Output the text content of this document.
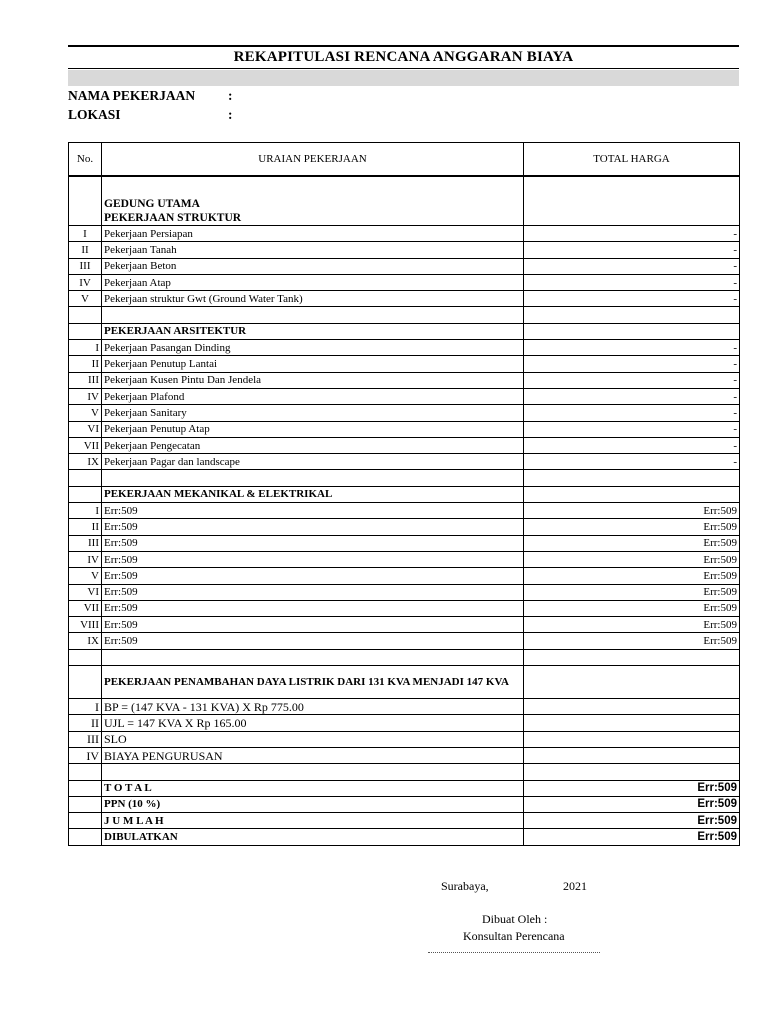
REKAPITULASI RENCANA ANGGARAN BIAYA
NAMA PEKERJAAN :
LOKASI	:
No.	URAIAN PEKERJAAN	TOTAL HARGA

	GEDUNG UTAMA
PEKERJAAN STRUKTUR	

I	Pekerjaan Persiapan	-
II	Pekerjaan Tanah	-
III	Pekerjaan Beton	-
IV	Pekerjaan Atap	-
V	Pekerjaan struktur Gwt (Ground Water Tank)	-

	PEKERJAAN ARSITEKTUR	
I	Pekerjaan Pasangan Dinding	-
II	Pekerjaan Penutup Lantai	-
III	Pekerjaan Kusen Pintu Dan Jendela	-
IV	Pekerjaan Plafond	-
V	Pekerjaan Sanitary	-
VI	Pekerjaan Penutup Atap	-
VII	Pekerjaan Pengecatan	-
IX	Pekerjaan Pagar dan landscape	-

	PEKERJAAN MEKANIKAL & ELEKTRIKAL	
I	Err:509	Err:509
II	Err:509	Err:509
III	Err:509	Err:509
IV	Err:509	Err:509
V	Err:509	Err:509
VI	Err:509	Err:509
VII	Err:509	Err:509
VIII	Err:509	Err:509
IX	Err:509	Err:509

	PEKERJAAN PENAMBAHAN DAYA LISTRIK DARI 131 KVA MENJADI 147 KVA	
I	BP = (147 KVA - 131 KVA) X Rp 775.00	
II	UJL = 147 KVA X Rp 165.00	
III	SLO	
IV	BIAYA PENGURUSAN	

	T O T A L	Err:509
	PPN (10 %)	Err:509
	J U M L A H	Err:509
	DIBULATKAN	Err:509
Surabaya,	2021
Dibuat Oleh :
Konsultan Perencana
